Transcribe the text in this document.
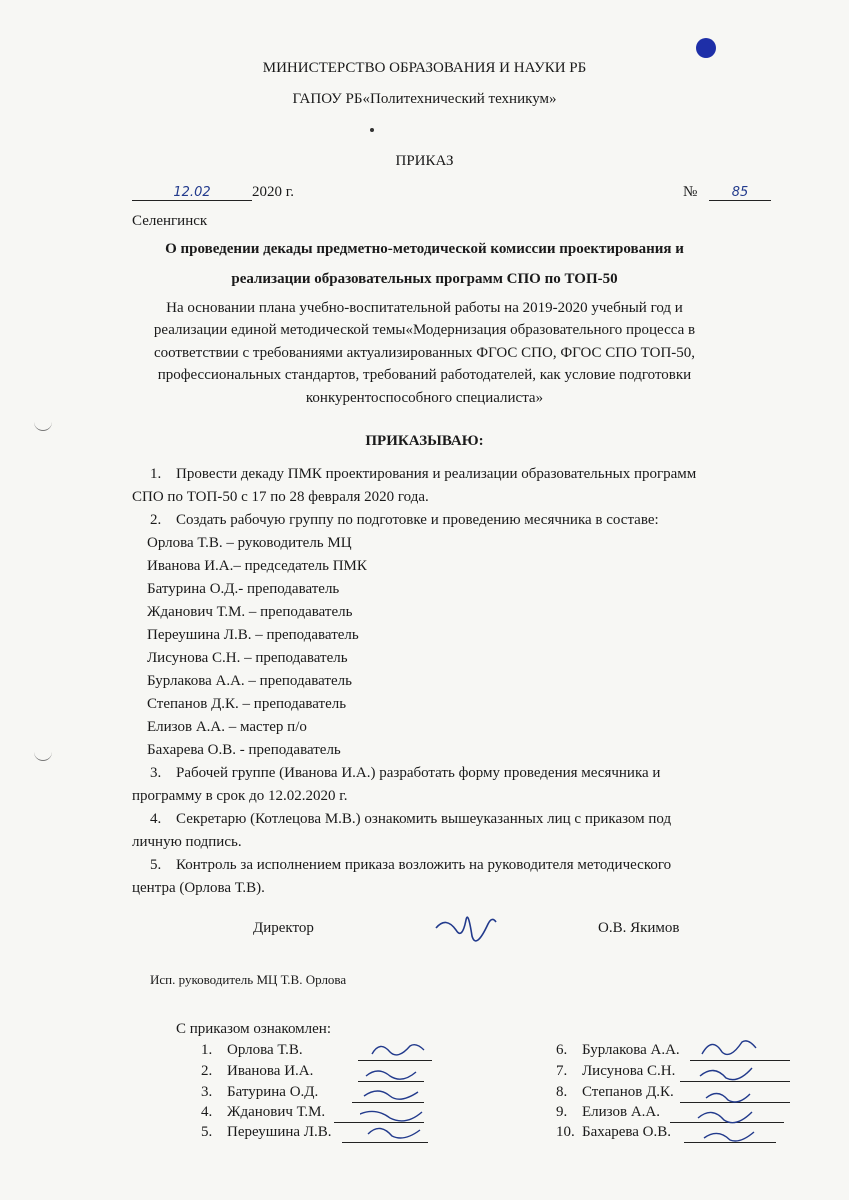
МИНИСТЕРСТВО ОБРАЗОВАНИЯ И НАУКИ РБ
ГАПОУ РБ«Политехнический техникум»
ПРИКАЗ
12.02	2020 г.	№	85
Селенгинск
О проведении декады предметно-методической комиссии проектирования и
реализации образовательных программ СПО по ТОП-50
На основании плана учебно-воспитательной работы на 2019-2020 учебный год и
реализации единой методической темы«Модернизация образовательного процесса в
соответствии с требованиями актуализированных ФГОС СПО, ФГОС СПО ТОП-50,
профессиональных стандартов, требований работодателей, как условие подготовки
конкурентоспособного специалиста»
ПРИКАЗЫВАЮ:
1. Провести декаду ПМК проектирования и реализации образовательных программ
СПО по ТОП-50 с 17 по 28 февраля 2020 года.
2. Создать рабочую группу по подготовке и проведению месячника в составе:
Орлова Т.В. – руководитель МЦ
Иванова И.А.– председатель ПМК
Батурина О.Д.- преподаватель
Жданович Т.М. – преподаватель
Переушина Л.В. – преподаватель
Лисунова С.Н. – преподаватель
Бурлакова А.А. – преподаватель
Степанов Д.К. – преподаватель
Елизов А.А. – мастер п/о
Бахарева О.В. - преподаватель
3. Рабочей группе (Иванова И.А.) разработать форму проведения месячника и
программу в срок до 12.02.2020 г.
4. Секретарю (Котлецова М.В.) ознакомить вышеуказанных лиц с приказом под
личную подпись.
5. Контроль за исполнением приказа возложить на руководителя методического
центра (Орлова Т.В).
Директор	О.В. Якимов
Исп. руководитель МЦ Т.В. Орлова
С приказом ознакомлен:
1. Орлова Т.В.
2. Иванова И.А.
3. Батурина О.Д.
4. Жданович Т.М.
5. Переушина Л.В.
6. Бурлакова А.А.
7. Лисунова С.Н.
8. Степанов Д.К.
9. Елизов А.А.
10. Бахарева О.В.
